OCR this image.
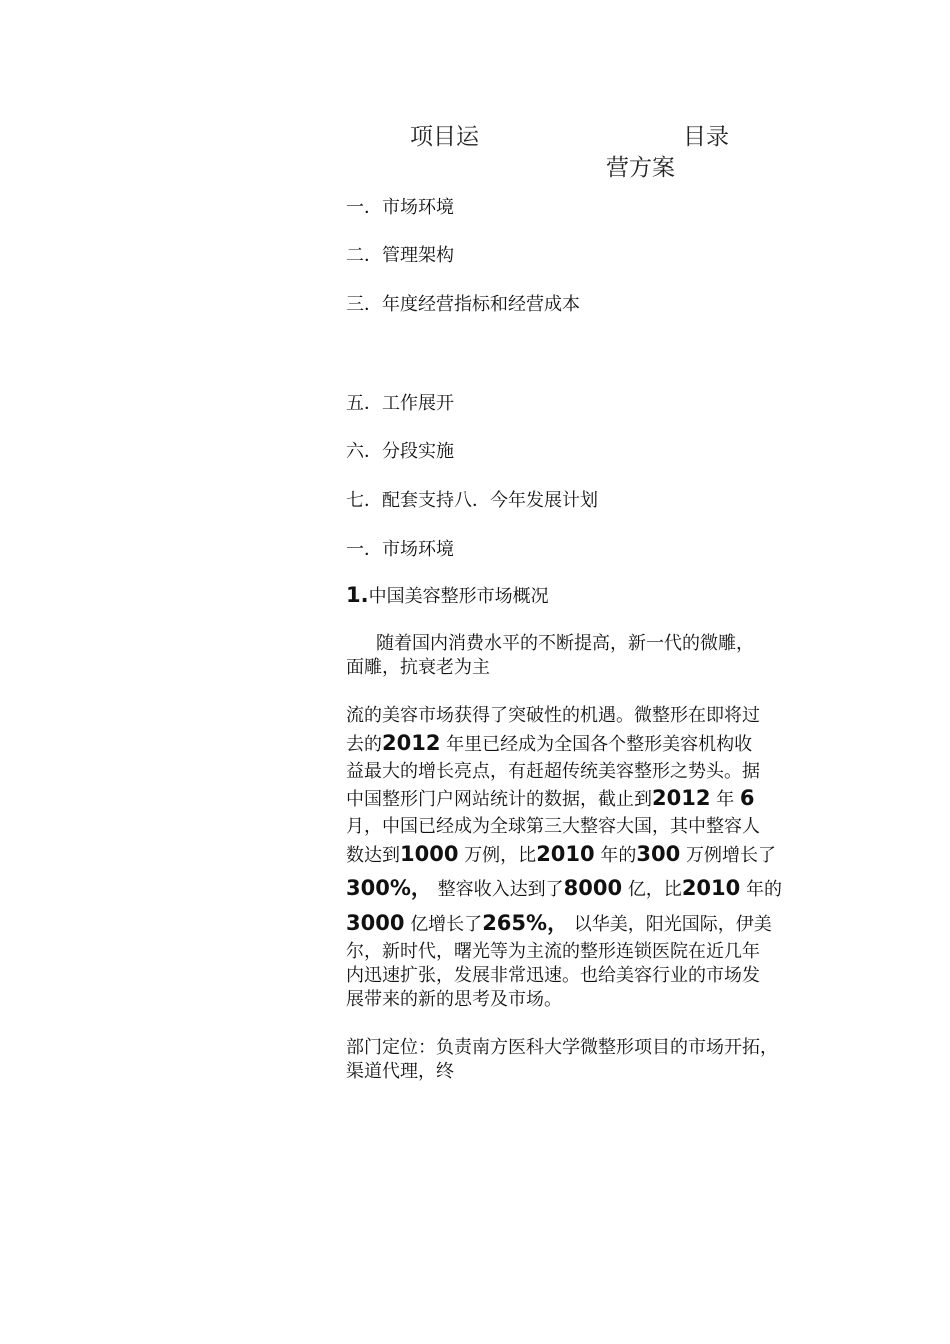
项目运	目录
营方案
一．市场环境
二．管理架构
三．年度经营指标和经营成本
五．工作展开
六．分段实施
七．配套支持八．今年发展计划
一．市场环境
1.中国美容整形市场概况
随着国内消费水平的不断提高，新一代的微雕，
面雕，抗衰老为主
流的美容市场获得了突破性的机遇。微整形在即将过
去的2012 年里已经成为全国各个整形美容机构收
益最大的增长亮点，有赶超传统美容整形之势头。据
中国整形门户网站统计的数据，截止到2012 年 6
月，中国已经成为全球第三大整容大国，其中整容人
数达到1000 万例，比2010 年的300 万例增长了
300%， 整容收入达到了8000 亿，比2010 年的
3000 亿增长了265%， 以华美，阳光国际，伊美
尔，新时代，曙光等为主流的整形连锁医院在近几年
内迅速扩张，发展非常迅速。也给美容行业的市场发
展带来的新的思考及市场。
部门定位：负责南方医科大学微整形项目的市场开拓，
渠道代理，终
